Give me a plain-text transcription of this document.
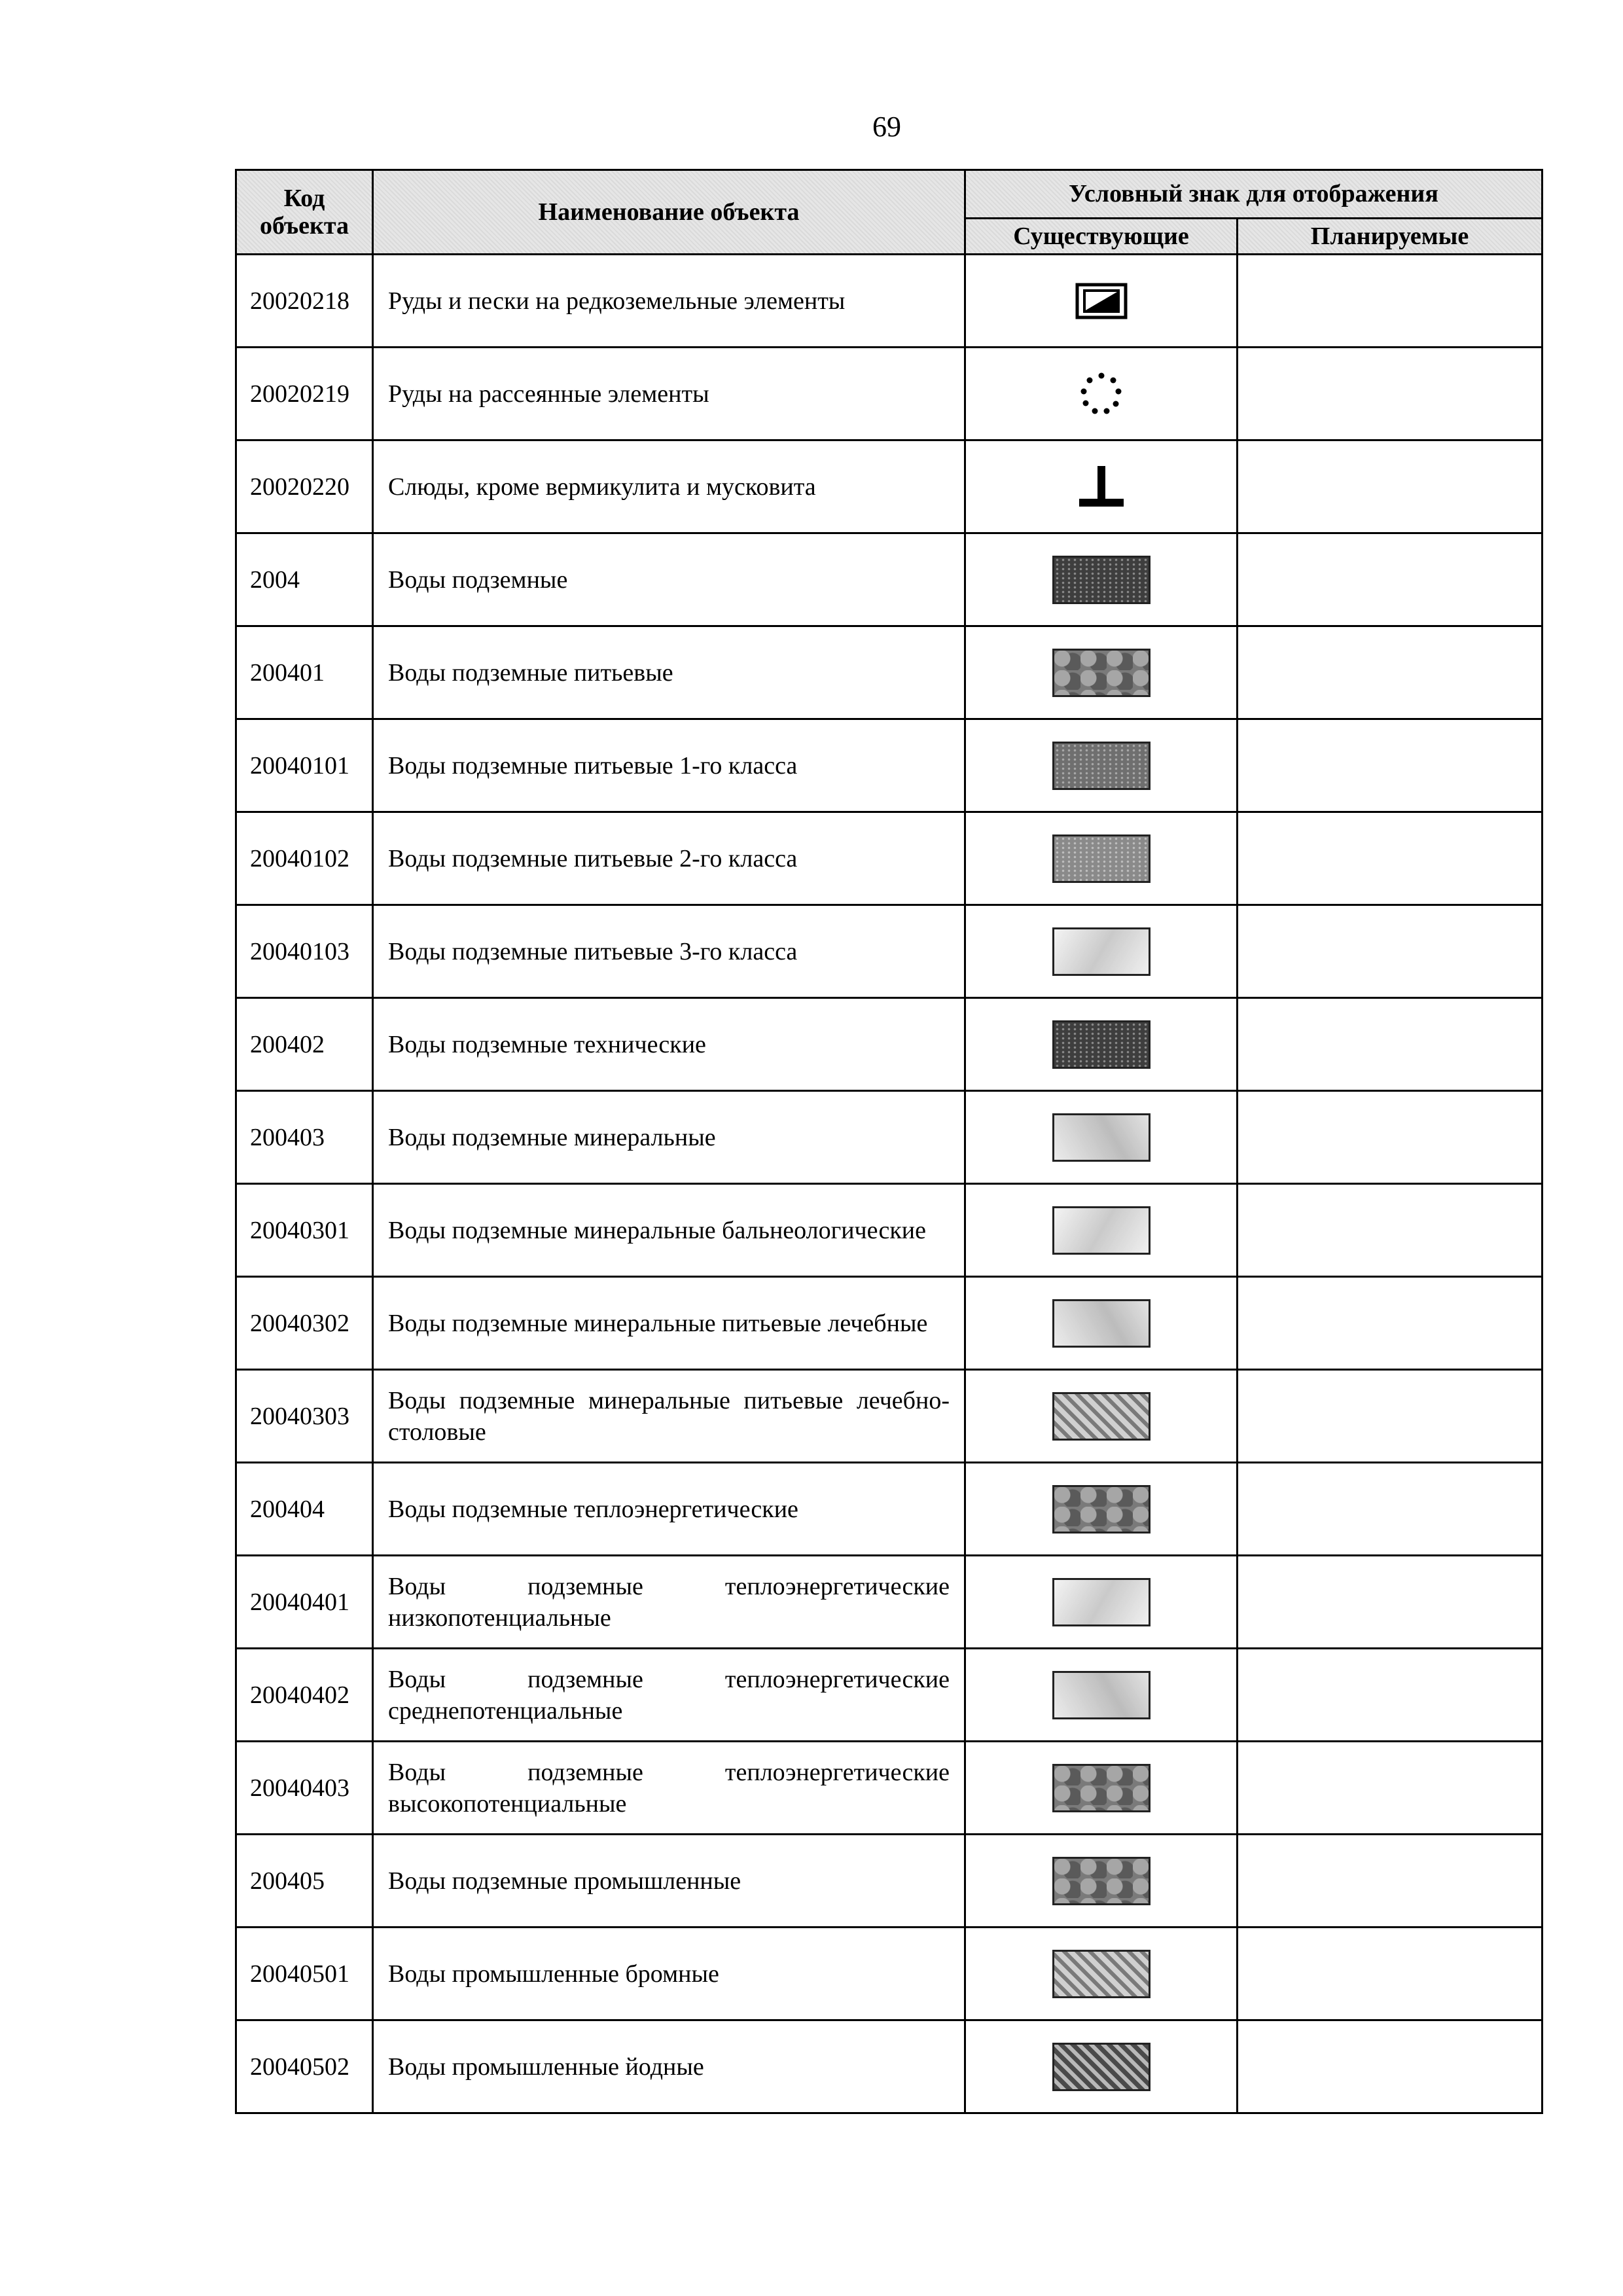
69
Код объекта	Наименование объекта	Условный знак для отображения	
		Существующие	Планируемые
20020218	Руды и пески на редкоземельные элементы		
20020219	Руды на рассеянные элементы		
20020220	Слюды, кроме вермикулита и мусковита		
2004	Воды подземные		
200401	Воды подземные питьевые		
20040101	Воды подземные питьевые 1-го класса		
20040102	Воды подземные питьевые 2-го класса		
20040103	Воды подземные питьевые 3-го класса		
200402	Воды подземные технические		
200403	Воды подземные минеральные		
20040301	Воды подземные минеральные бальнеологические		
20040302	Воды подземные минеральные питьевые лечебные		
20040303	Воды подземные минеральные питьевые лечебно-столовые		
200404	Воды подземные теплоэнергетические		
20040401	Воды подземные теплоэнергетические низкопотенциальные		
20040402	Воды подземные теплоэнергетические среднепотенциальные		
20040403	Воды подземные теплоэнергетические высокопотенциальные		
200405	Воды подземные промышленные		
20040501	Воды промышленные бромные		
20040502	Воды промышленные йодные		
